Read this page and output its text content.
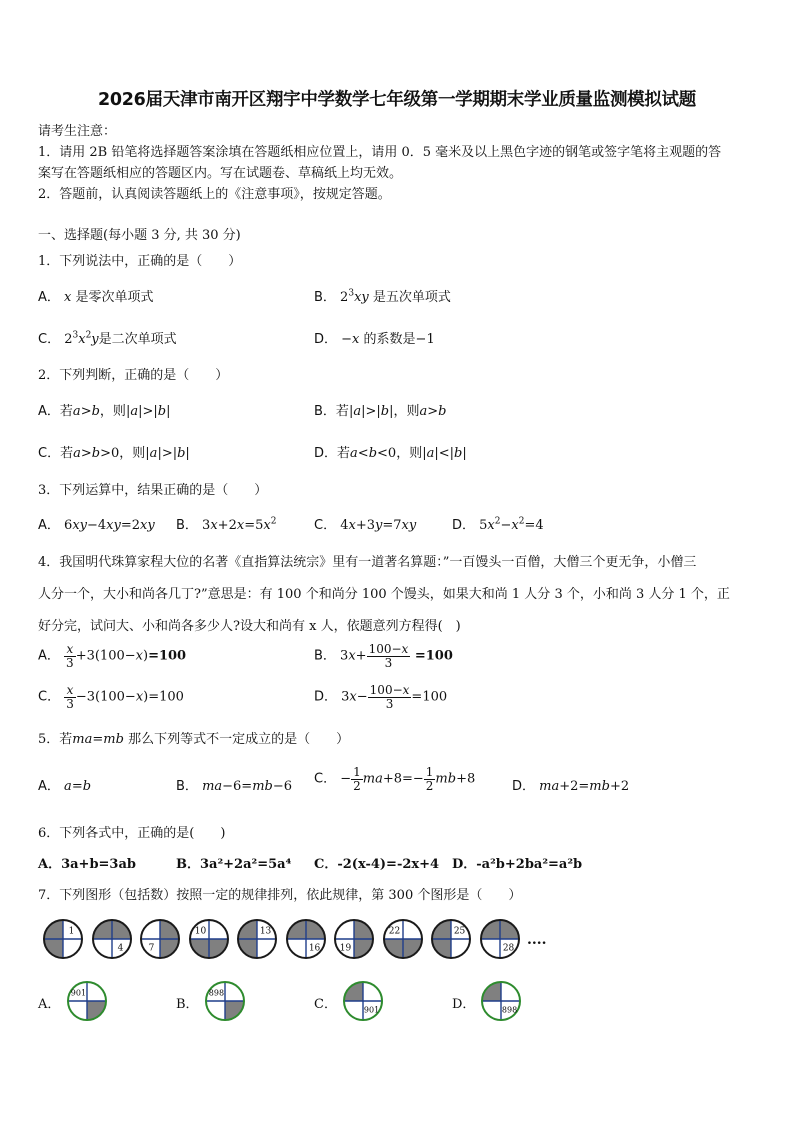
2026届天津市南开区翔宇中学数学七年级第一学期期末学业质量监测模拟试题
请考生注意：
1．请用 2B 铅笔将选择题答案涂填在答题纸相应位置上，请用 0．5 毫米及以上黑色字迹的钢笔或签字笔将主观题的答
案写在答题纸相应的答题区内。写在试题卷、草稿纸上均无效。
2．答题前，认真阅读答题纸上的《注意事项》，按规定答题。
一、选择题(每小题 3 分, 共 30 分)
1．下列说法中，正确的是（　　）
A． x 是零次单项式	B． $2^3xy$ 是五次单项式
C． $2^3x^2y$是二次单项式	D． −x 的系数是−1
2．下列判断，正确的是（　　）
A．若a>b，则|a|>|b|	B．若|a|>|b|，则a>b
C．若a>b>0，则|a|>|b|	D．若a<b<0，则|a|<|b|
3．下列运算中，结果正确的是（　　）
A． 6xy−4xy=2xy B． $3x+2x=5x^2$	C． 4x+3y=7xy	D． $5x^2-x^2=4$
4．我国明代珠算家程大位的名著《直指算法统宗》里有一道著名算题：”一百馒头一百僧，大僧三个更无争，小僧三
人分一个，大小和尚各几丁?”意思是：有 100 个和尚分 100 个馒头，如果大和尚 1 人分 3 个，小和尚 3 人分 1 个，正
好分完，试问大、小和尚各多少人?设大和尚有 x 人，依题意列方程得(　)
A． $\frac{x}{3} +3(100-x)=100$	B． $3x+ \frac{100-x}{3} =100$
C． $\frac{x}{3} -3(100-x)=100$	D． $3x- \frac{100-x}{3} =100$
5．若ma=mb 那么下列等式不一定成立的是（　　）
A． a=b	B． ma−6=mb−6 C． − $\frac{1}{2} ma+8=- \frac{1}{2} mb+8$	D． ma+2=mb+2
6．下列各式中，正确的是(　　)
A．3a+b=3ab	B．3a²+2a²=5a⁴ C．-2(x-4)=-2x+4 D．-a²b+2ba²=a²b
7．下列图形（包括数）按照一定的规律排列，依此规律，第 300 个图形是（　　）
1
4	7
10	13
16 19
22	25
28
....
A．
901
B．
898
C．	901	D．	898
